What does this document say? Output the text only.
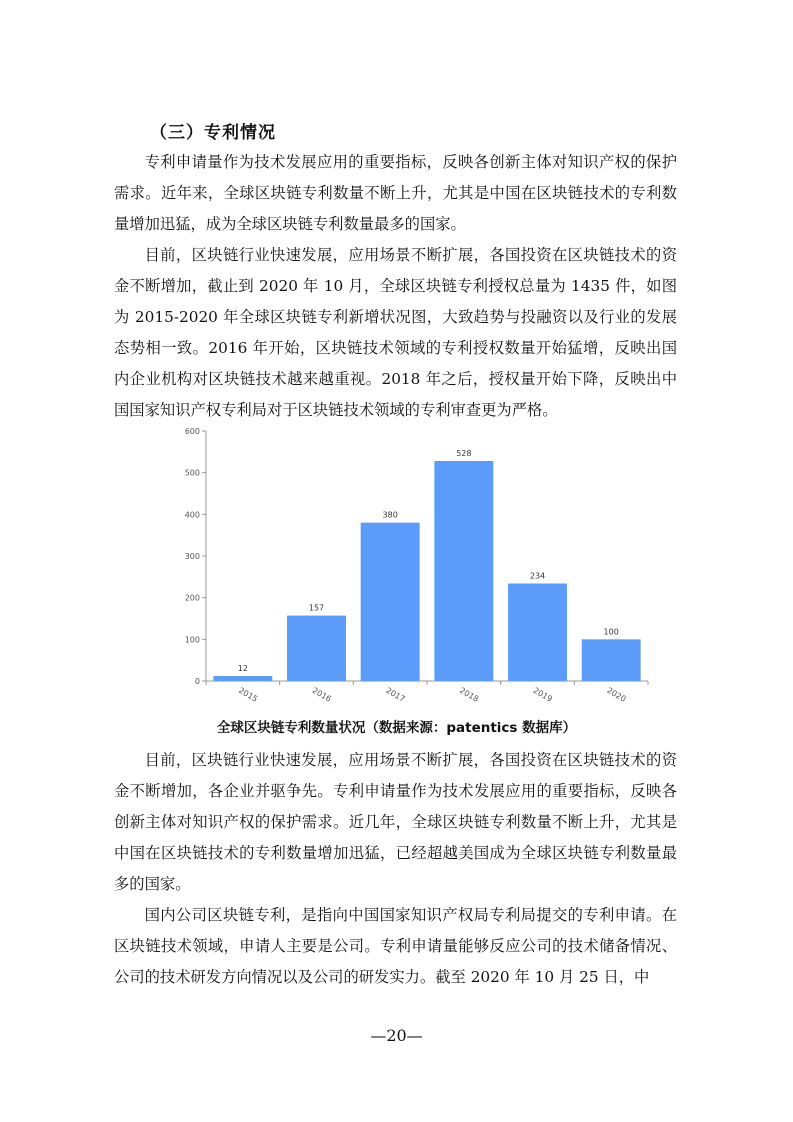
（三）专利情况

专利申请量作为技术发展应用的重要指标，反映各创新主体对知识产权的保护需求。近年来，全球区块链专利数量不断上升，尤其是中国在区块链技术的专利数量增加迅猛，成为全球区块链专利数量最多的国家。

目前，区块链行业快速发展，应用场景不断扩展，各国投资在区块链技术的资金不断增加，截止到 2020 年 10 月，全球区块链专利授权总量为 1435 件，如图为 2015-2020 年全球区块链专利新增状况图，大致趋势与投融资以及行业的发展态势相一致。2016 年开始，区块链技术领域的专利授权数量开始猛增，反映出国内企业机构对区块链技术越来越重视。2018 年之后，授权量开始下降，反映出中国国家知识产权专利局对于区块链技术领域的专利审查更为严格。

0
100
200
300
400
500
600
12
2015
157
2016
380
2017
528
2018
234
2019
100
2020
全球区块链专利数量状况（数据来源：patentics 数据库）

目前，区块链行业快速发展，应用场景不断扩展，各国投资在区块链技术的资金不断增加，各企业并驱争先。专利申请量作为技术发展应用的重要指标，反映各创新主体对知识产权的保护需求。近几年，全球区块链专利数量不断上升，尤其是中国在区块链技术的专利数量增加迅猛，已经超越美国成为全球区块链专利数量最多的国家。

国内公司区块链专利，是指向中国国家知识产权局专利局提交的专利申请。在区块链技术领域，申请人主要是公司。专利申请量能够反应公司的技术储备情况、公司的技术研发方向情况以及公司的研发实力。截至 2020 年 10 月 25 日，中

—20—
